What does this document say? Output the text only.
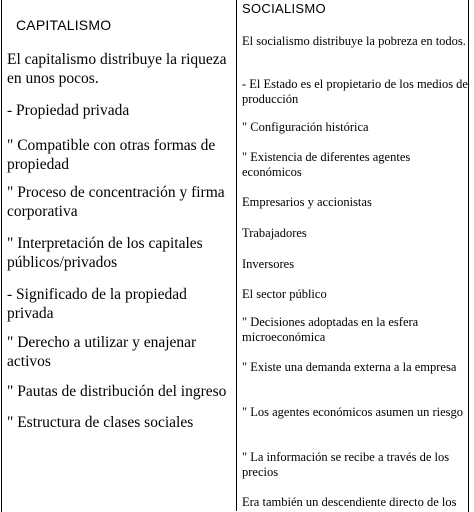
CAPITALISMO
El capitalismo distribuye la riqueza en unos pocos.
- Propiedad privada
" Compatible con otras formas de propiedad
" Proceso de concentración y firma corporativa
" Interpretación de los capitales públicos/privados
- Significado de la propiedad privada
" Derecho a utilizar y enajenar activos
" Pautas de distribución del ingreso
" Estructura de clases sociales
SOCIALISMO
El socialismo distribuye la pobreza en todos.
- El Estado es el propietario de los medios de producción
" Configuración histórica
" Existencia de diferentes agentes económicos
Empresarios y accionistas
Trabajadores
Inversores
El sector público
" Decisiones adoptadas en la esfera microeconómica
" Existe una demanda externa a la empresa
" Los agentes económicos asumen un riesgo
" La información se recibe a través de los precios
Era también un descendiente directo de los
